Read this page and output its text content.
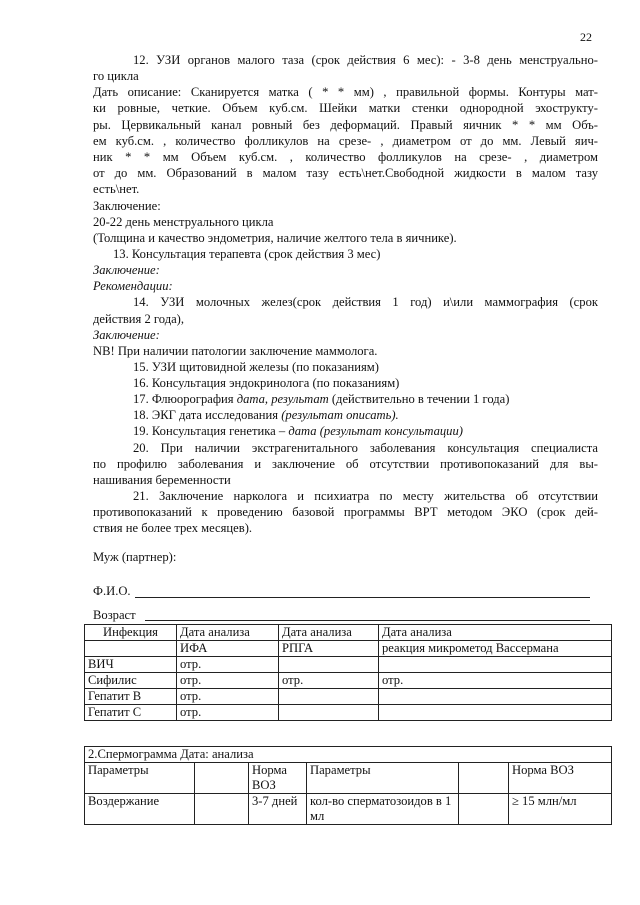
22
12. УЗИ органов малого таза (срок действия 6 мес): - 3-8 день менструально-
го цикла
Дать описание: Сканируется матка ( * * мм) , правильной формы. Контуры мат-
ки ровные, четкие. Объем куб.см. Шейки матки стенки однородной эхострукту-
ры. Цервикальный канал ровный без деформаций. Правый яичник * * мм Объ-
ем куб.см. , количество фолликулов на срезе- , диаметром от до мм. Левый яич-
ник * * мм Объем куб.см. , количество фолликулов на срезе- , диаметром
от до мм. Образований в малом тазу есть\нет.Свободной жидкости в малом тазу
есть\нет.
Заключение:
20-22 день менструального цикла
(Толщина и качество эндометрия, наличие желтого тела в яичнике).
13. Консультация терапевта (срок действия 3 мес)
Заключение:
Рекомендации:
14. УЗИ молочных желез(срок действия 1 год) и\или маммография (срок
действия 2 года),
Заключение:
NB! При наличии патологии заключение маммолога.
15. УЗИ щитовидной железы (по показаниям)
16. Консультация эндокринолога (по показаниям)
17. Флюорография дата, результат (действительно в течении 1 года)
18. ЭКГ дата исследования (результат описать).
19. Консультация генетика – дата (результат консультации)
20. При наличии экстрагенитального заболевания консультация специалиста
по профилю заболевания и заключение об отсутствии противопоказаний для вы-
нашивания беременности
21. Заключение нарколога и психиатра по месту жительства об отсутствии
противопоказаний к проведению базовой программы ВРТ методом ЭКО (срок дей-
ствия не более трех месяцев).
Муж (партнер):
Ф.И.О.
Возраст
Инфекция	Дата анализа	Дата анализа	Дата анализа
	ИФА	РПГА	реакция микрометод Вассермана
ВИЧ	отр.		
Сифилис	отр.	отр.	отр.
Гепатит В	отр.		
Гепатит С	отр.		
2.Спермограмма Дата: анализа					
Параметры		Норма ВОЗ	Параметры		Норма ВОЗ
Воздержание		3-7 дней	кол-во сперматозоидов в 1 мл		≥ 15 млн/мл
